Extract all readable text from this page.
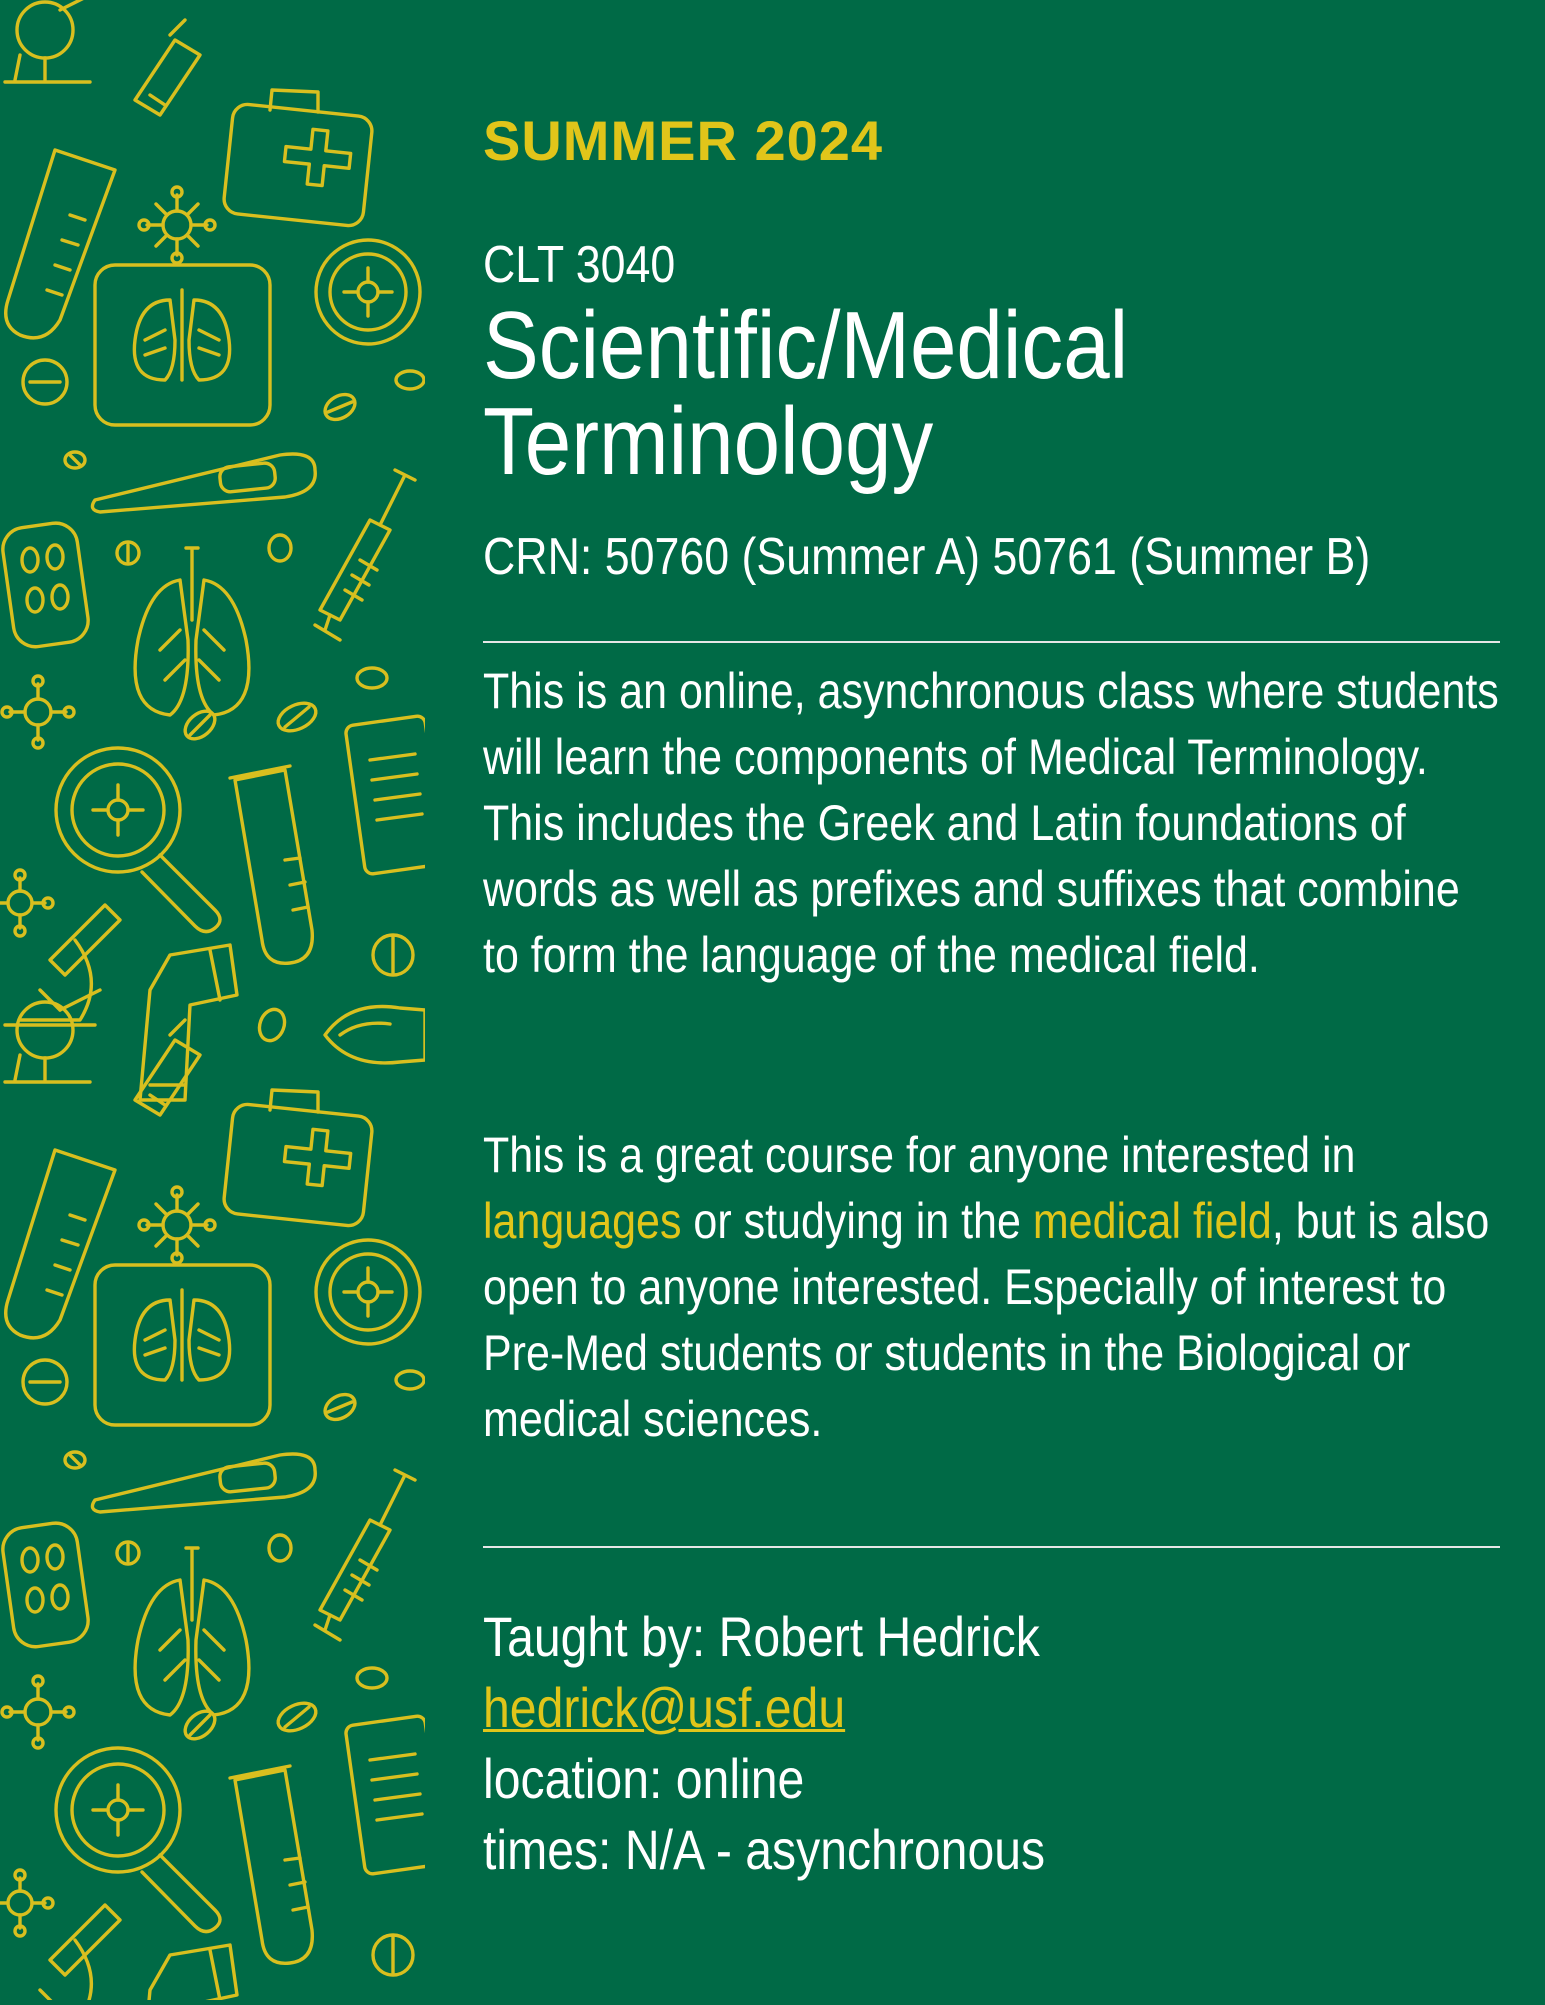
SUMMER 2024
CLT 3040
Scientific/Medical
Terminology
CRN: 50760 (Summer A) 50761 (Summer B)
This is an online, asynchronous class where students will learn the components of Medical Terminology. This includes the Greek and Latin foundations of words as well as prefixes and suffixes that combine to form the language of the medical field.
This is a great course for anyone interested in languages or studying in the medical field, but is also open to anyone interested. Especially of interest to Pre-Med students or students in the Biological or medical sciences.
Taught by: Robert Hedrick
hedrick@usf.edu
location: online
times: N/A - asynchronous
